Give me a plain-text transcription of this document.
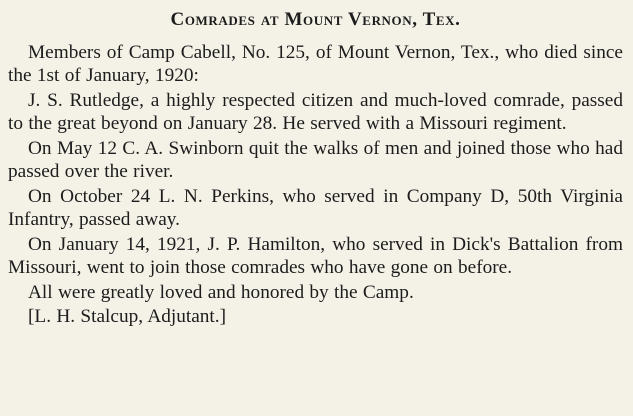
Comrades at Mount Vernon, Tex.

Members of Camp Cabell, No. 125, of Mount Vernon, Tex., who died since the 1st of January, 1920:

J. S. Rutledge, a highly respected citizen and much-loved comrade, passed to the great beyond on January 28. He served with a Missouri regiment.

On May 12 C. A. Swinborn quit the walks of men and joined those who had passed over the river.

On October 24 L. N. Perkins, who served in Company D, 50th Virginia Infantry, passed away.

On January 14, 1921, J. P. Hamilton, who served in Dick's Battalion from Missouri, went to join those comrades who have gone on before.

All were greatly loved and honored by the Camp.

[L. H. Stalcup, Adjutant.]
